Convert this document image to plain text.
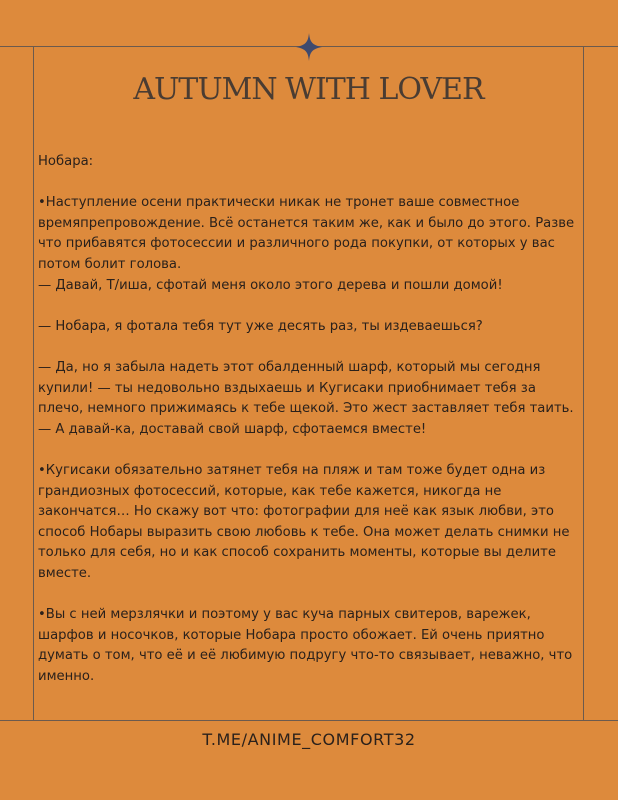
AUTUMN WITH LOVER

Нобара:

•Наступление осени практически никак не тронет ваше совместное времяпрепровождение. Всё останется таким же, как и было до этого. Разве что прибавятся фотосессии и различного рода покупки, от которых у вас потом болит голова.

— Давай, Т/иша, сфотай меня около этого дерева и пошли домой!

— Нобара, я фотала тебя тут уже десять раз, ты издеваешься?

— Да, но я забыла надеть этот обалденный шарф, который мы сегодня купили! — ты недовольно вздыхаешь и Кугисаки приобнимает тебя за плечо, немного прижимаясь к тебе щекой. Это жест заставляет тебя таить. — А давай-ка, доставай свой шарф, сфотаемся вместе!

•Кугисаки обязательно затянет тебя на пляж и там тоже будет одна из грандиозных фотосессий, которые, как тебе кажется, никогда не закончатся… Но скажу вот что: фотографии для неё как язык любви, это способ Нобары выразить свою любовь к тебе. Она может делать снимки не только для себя, но и как способ сохранить моменты, которые вы делите вместе.

•Вы с ней мерзлячки и поэтому у вас куча парных свитеров, варежек, шарфов и носочков, которые Нобара просто обожает. Ей очень приятно думать о том, что её и её любимую подругу что-то связывает, неважно, что именно.

T.ME/ANIME_COMFORT32
